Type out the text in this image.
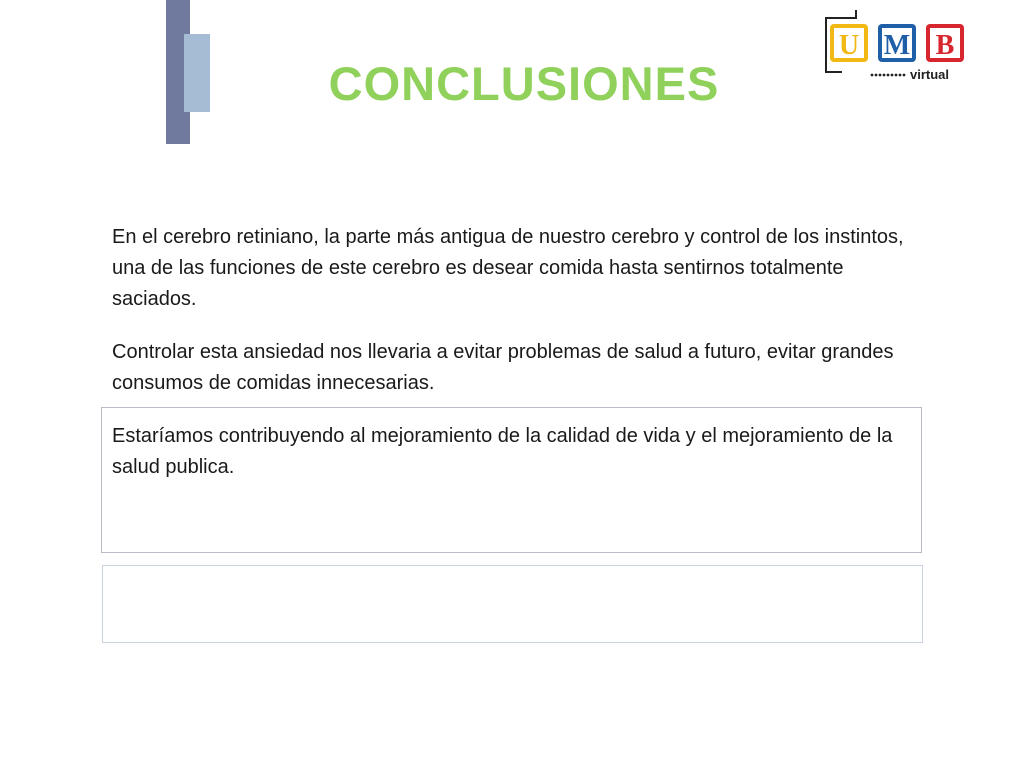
CONCLUSIONES
U M B
virtual

En el cerebro retiniano, la parte más antigua de nuestro cerebro y control de los instintos, una de las funciones de este cerebro es desear comida hasta sentirnos totalmente saciados.

Controlar esta ansiedad nos llevaria a evitar problemas de salud a futuro, evitar grandes consumos de comidas innecesarias.

Estaríamos contribuyendo al mejoramiento de la calidad de vida y el mejoramiento de la salud publica.
